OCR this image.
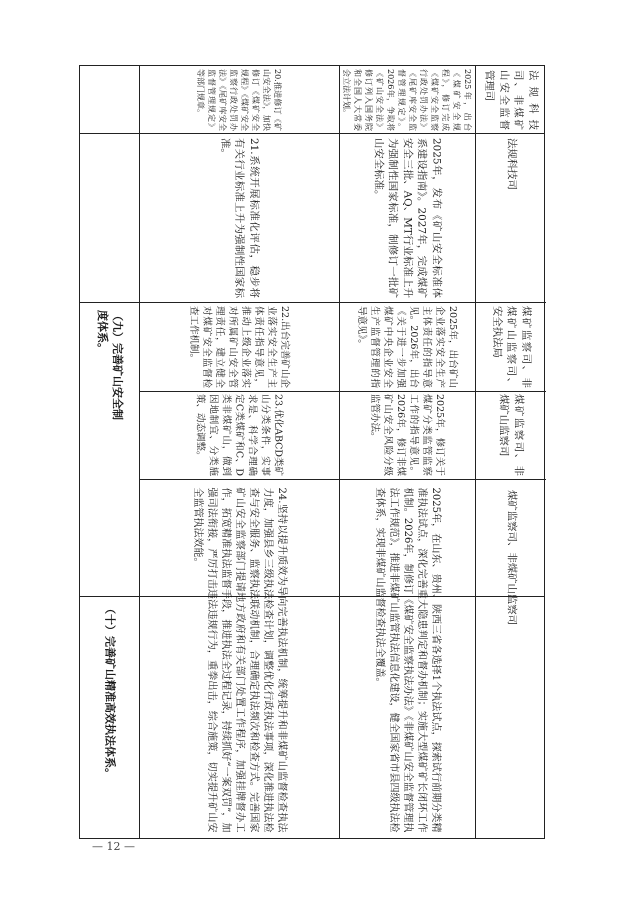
法规科技司、非煤矿山安全监督管理司

2025年，出台《煤矿安全规程》，修订完成《煤矿安全监察行政处罚办法》《尾矿库安全监督管理规定》。2026年，争取将《矿山安全法》修订列入国务院和全国人大常委会立法计划。

20.推进修订《矿山安全法》，加快修订《煤矿安全规程》《煤矿安全监察行政处罚办法》《尾矿库安全监督管理规定》等部门规章。

（九）完善矿山安全制度体系。

法规科技司

2025年，发布《矿山安全标准体系建设指南》。2027年，完成煤矿安全三批、AQ、MT行业标准上升为强制性国家标准，制修订一批矿山安全标准。

21.系统开展标准化评估，稳步将有关行业标准上升为强制性国家标准。

煤矿监察司、非煤矿山监察司、安全执法局

2025年，出台矿山企业落实安全生产主体责任的指导意见。2026年，出台《关于进一步加强煤矿中央企业安全生产监督管理的指导意见》。

22.出台完善矿山企业落实安全生产主体责任指导意见，推动上级企业落实对所属矿山安全管理责任，建立健全对煤矿安全监督检查工作机制。

煤矿监察司、非煤矿山监察司

2025年，修订关于煤矿分类监管监察工作的指导意见。2026年，修订非煤矿山安全风险分级监管办法。

23.优化ABCD类矿山分类条件，实事求是、科学合理确定C类煤矿和C、D类非煤矿山，做到因地制宜、分类施策、动态调整。

（十）完善矿山精准高效执法体系。

煤矿监察司、非煤矿山监察司

2025年，在山东、贵州、陕西三省各选择1个执法试点，探索试行前期分类精准执法试点，深化完善重大隐患判定和督办机制；实施大型煤矿矿长闭环工作机制。2026年，制修订《煤矿安全监察执法办法》《非煤矿山安全监督管理执法工作规范》，推进非煤矿山监管执法信息化建设，健全国家省市县四级执法检查体系，实现非煤矿山监督检查执法全覆盖。

24.坚持以提升质效为导向完善执法机制，统筹提升和非煤矿山监督检查执法力度，加强县乡三级执法检查计划，调整优化行政执法事项，深化推进执法检查与安全服务、监察执法联动机制，合理确定执法频次和检查方式。完善国家矿山安全监察部门提请地方政府和有关部门处置工作程序，加强挂牌督办工作，拓宽精准执法监督手段，推进执法全过程记录，持续抓好“一案双罚”，加强司法衔接，严厉打击违法违规行为，重拳出击，综合施策，切实提升矿山安全监管执法效能。

— 12 —
